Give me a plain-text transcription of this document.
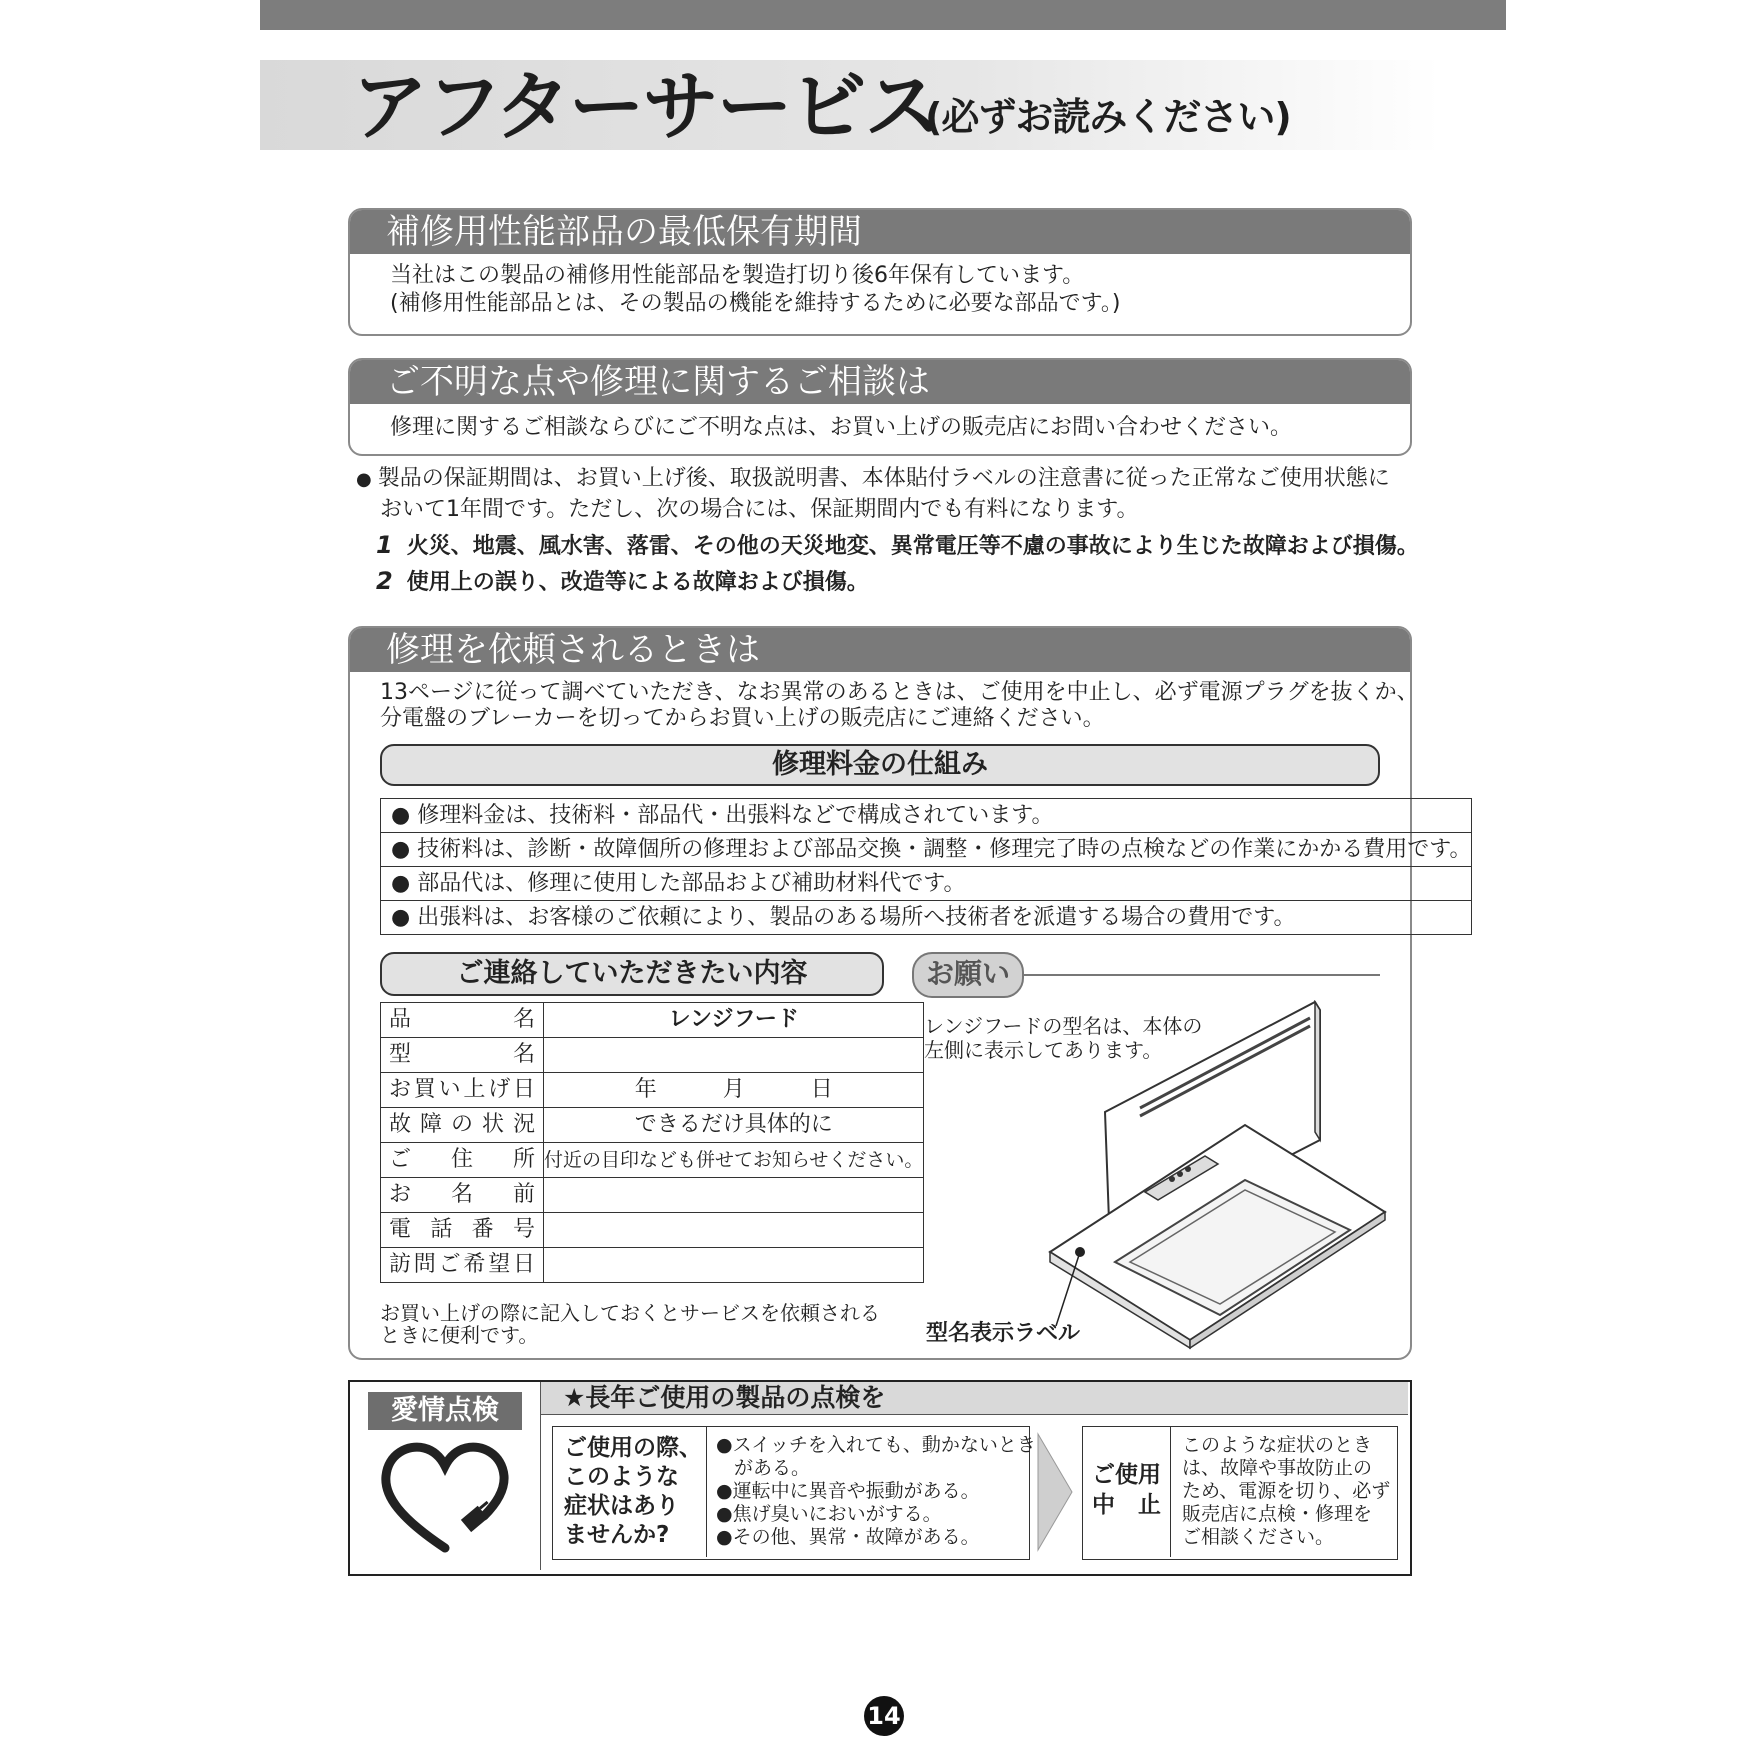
アフターサービス
(必ずお読みください)
補修用性能部品の最低保有期間
当社はこの製品の補修用性能部品を製造打切り後6年保有しています。
(補修用性能部品とは、その製品の機能を維持するために必要な部品です。)
ご不明な点や修理に関するご相談は
修理に関するご相談ならびにご不明な点は、お買い上げの販売店にお問い合わせください。
● 製品の保証期間は、お買い上げ後、取扱説明書、本体貼付ラベルの注意書に従った正常なご使用状態に
おいて1年間です。ただし、次の場合には、保証期間内でも有料になります。
1 火災、地震、風水害、落雷、その他の天災地変、異常電圧等不慮の事故により生じた故障および損傷。
2 使用上の誤り、改造等による故障および損傷。
修理を依頼されるときは
13ページに従って調べていただき、なお異常のあるときは、ご使用を中止し、必ず電源プラグを抜くか、
分電盤のブレーカーを切ってからお買い上げの販売店にご連絡ください。
修理料金の仕組み
● 修理料金は、技術料・部品代・出張料などで構成されています。
● 技術料は、診断・故障個所の修理および部品交換・調整・修理完了時の点検などの作業にかかる費用です。
● 部品代は、修理に使用した部品および補助材料代です。
● 出張料は、お客様のご依頼により、製品のある場所へ技術者を派遣する場合の費用です。
ご連絡していただきたい内容
品名	レンジフード
型名	
お買い上げ日	年　　　月　　　日
故障の状況	できるだけ具体的に
ご住所	付近の目印なども併せてお知らせください。
お名前	
電話番号	
訪問ご希望日	
お買い上げの際に記入しておくとサービスを依頼される
ときに便利です。
お願い
レンジフードの型名は、本体の
左側に表示してあります。
型名表示ラベル
愛情点検	★長年ご使用の製品の点検を
ご使用の際、
このような
症状はあり
ませんか?
●スイッチを入れても、動かないとき
がある。
●運転中に異音や振動がある。
●焦げ臭いにおいがする。
●その他、異常・故障がある。
ご使用
中　止
このような症状のとき
は、故障や事故防止の
ため、電源を切り、必ず
販売店に点検・修理を
ご相談ください。
14
